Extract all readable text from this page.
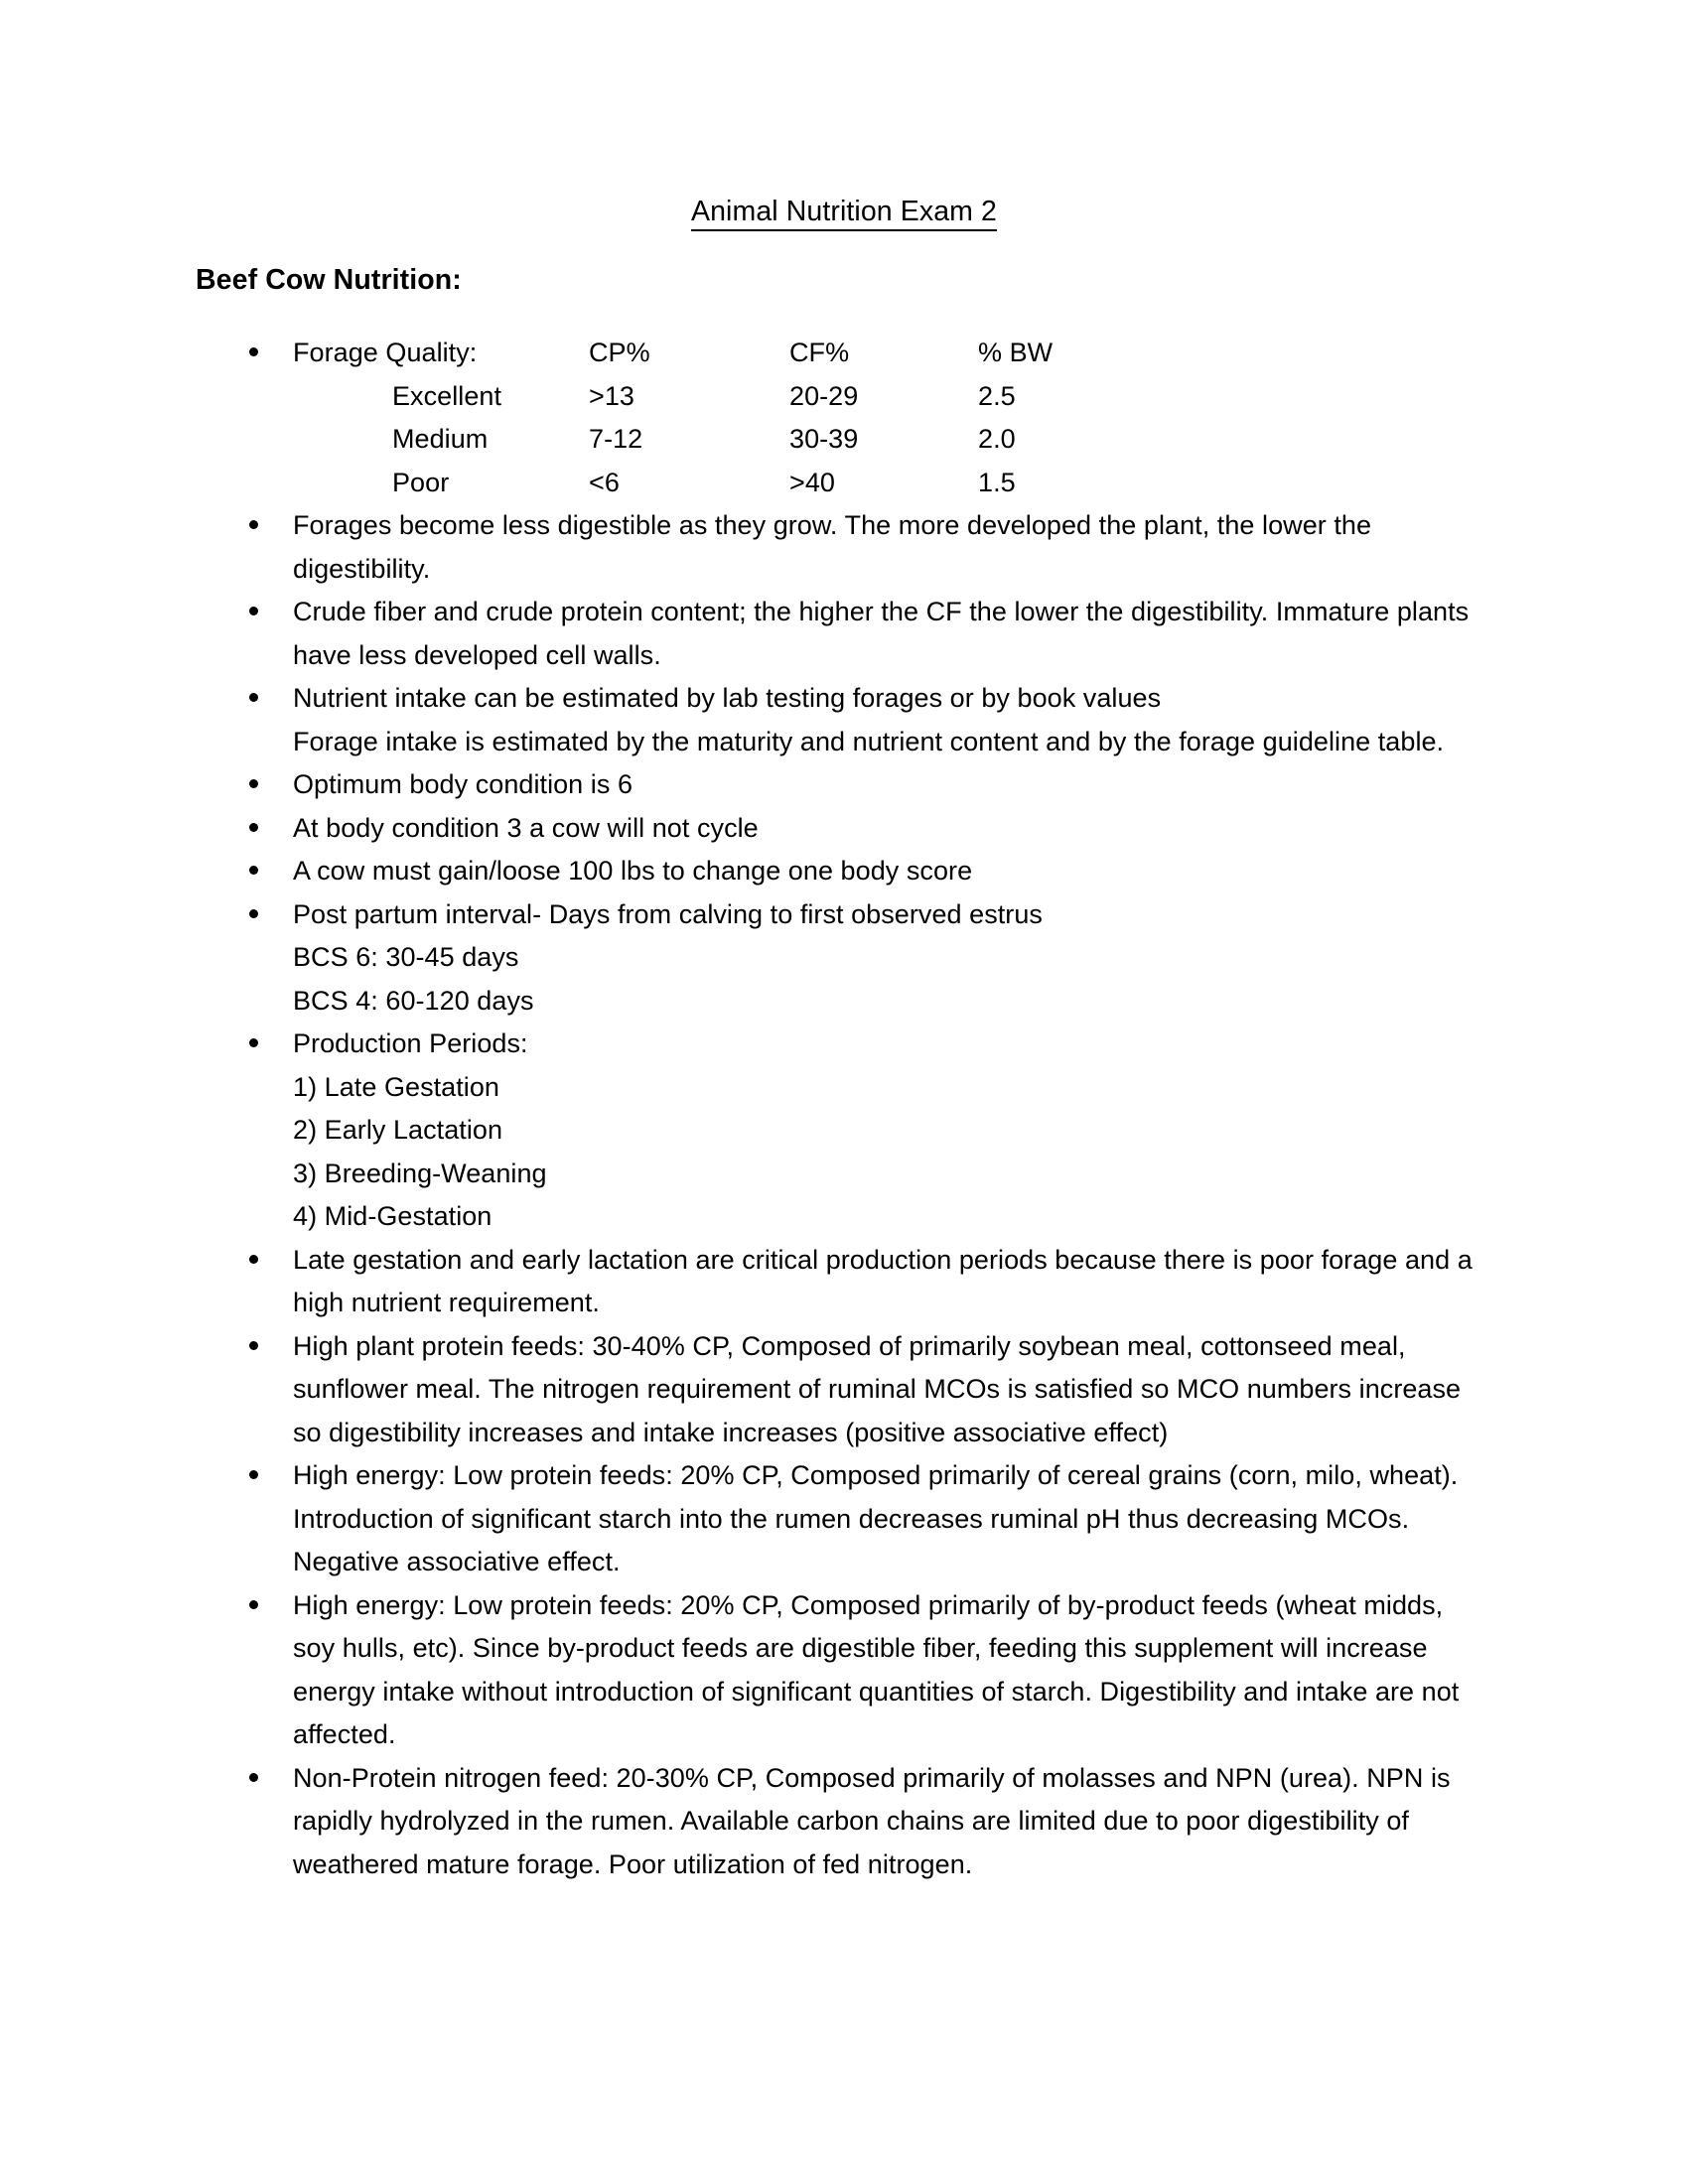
Animal Nutrition Exam 2
Beef Cow Nutrition:
Forage Quality:	CP%	CF%	% BW
Excellent	>13	20-29	2.5
Medium	7-12	30-39	2.0
Poor	<6	>40	1.5
Forages become less digestible as they grow. The more developed the plant, the lower the digestibility.
Crude fiber and crude protein content; the higher the CF the lower the digestibility. Immature plants have less developed cell walls.
Nutrient intake can be estimated by lab testing forages or by book values
Forage intake is estimated by the maturity and nutrient content and by the forage guideline table.
Optimum body condition is 6
At body condition 3 a cow will not cycle
A cow must gain/loose 100 lbs to change one body score
Post partum interval- Days from calving to first observed estrus
BCS 6: 30-45 days
BCS 4: 60-120 days
Production Periods:
1) Late Gestation
2) Early Lactation
3) Breeding-Weaning
4) Mid-Gestation
Late gestation and early lactation are critical production periods because there is poor forage and a high nutrient requirement.
High plant protein feeds: 30-40% CP, Composed of primarily soybean meal, cottonseed meal, sunflower meal. The nitrogen requirement of ruminal MCOs is satisfied so MCO numbers increase so digestibility increases and intake increases (positive associative effect)
High energy: Low protein feeds: 20% CP, Composed primarily of cereal grains (corn, milo, wheat). Introduction of significant starch into the rumen decreases ruminal pH thus decreasing MCOs. Negative associative effect.
High energy: Low protein feeds: 20% CP, Composed primarily of by-product feeds (wheat midds, soy hulls, etc). Since by-product feeds are digestible fiber, feeding this supplement will increase energy intake without introduction of significant quantities of starch. Digestibility and intake are not affected.
Non-Protein nitrogen feed: 20-30% CP, Composed primarily of molasses and NPN (urea). NPN is rapidly hydrolyzed in the rumen. Available carbon chains are limited due to poor digestibility of weathered mature forage. Poor utilization of fed nitrogen.
